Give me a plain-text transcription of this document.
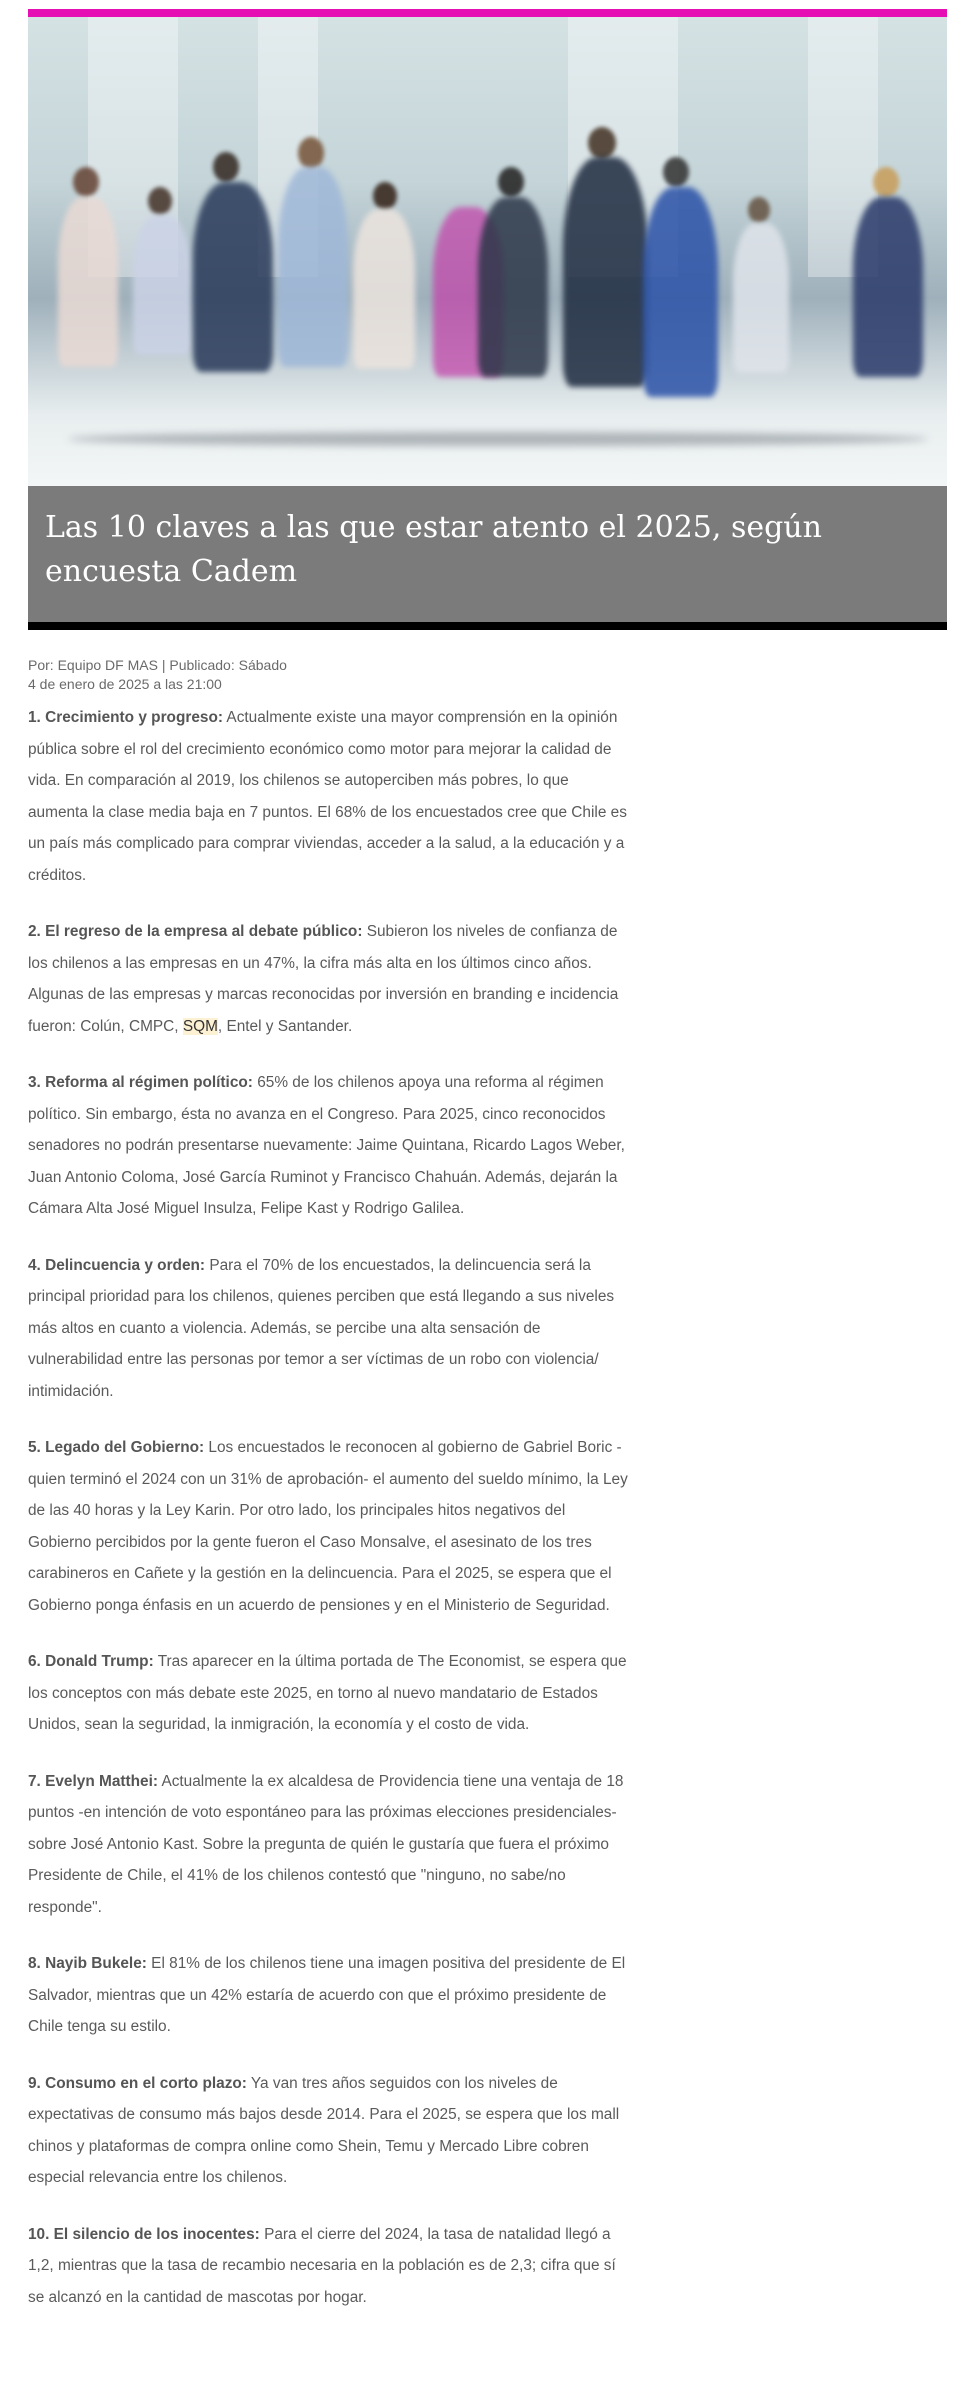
Las 10 claves a las que estar atento el 2025, según encuesta Cadem
Por: Equipo DF MAS | Publicado: Sábado
4 de enero de 2025 a las 21:00

1. Crecimiento y progreso: Actualmente existe una mayor comprensión en la opinión pública sobre el rol del crecimiento económico como motor para mejorar la calidad de vida. En comparación al 2019, los chilenos se autoperciben más pobres, lo que aumenta la clase media baja en 7 puntos. El 68% de los encuestados cree que Chile es un país más complicado para comprar viviendas, acceder a la salud, a la educación y a créditos.

2. El regreso de la empresa al debate público: Subieron los niveles de confianza de los chilenos a las empresas en un 47%, la cifra más alta en los últimos cinco años. Algunas de las empresas y marcas reconocidas por inversión en branding e incidencia fueron: Colún, CMPC, SQM, Entel y Santander.

3. Reforma al régimen político: 65% de los chilenos apoya una reforma al régimen político. Sin embargo, ésta no avanza en el Congreso. Para 2025, cinco reconocidos senadores no podrán presentarse nuevamente: Jaime Quintana, Ricardo Lagos Weber, Juan Antonio Coloma, José García Ruminot y Francisco Chahuán. Además, dejarán la Cámara Alta José Miguel Insulza, Felipe Kast y Rodrigo Galilea.

4. Delincuencia y orden: Para el 70% de los encuestados, la delincuencia será la principal prioridad para los chilenos, quienes perciben que está llegando a sus niveles más altos en cuanto a violencia. Además, se percibe una alta sensación de vulnerabilidad entre las personas por temor a ser víctimas de un robo con violencia/ intimidación.

5. Legado del Gobierno: Los encuestados le reconocen al gobierno de Gabriel Boric -quien terminó el 2024 con un 31% de aprobación- el aumento del sueldo mínimo, la Ley de las 40 horas y la Ley Karin. Por otro lado, los principales hitos negativos del Gobierno percibidos por la gente fueron el Caso Monsalve, el asesinato de los tres carabineros en Cañete y la gestión en la delincuencia. Para el 2025, se espera que el Gobierno ponga énfasis en un acuerdo de pensiones y en el Ministerio de Seguridad.

6. Donald Trump: Tras aparecer en la última portada de The Economist, se espera que los conceptos con más debate este 2025, en torno al nuevo mandatario de Estados Unidos, sean la seguridad, la inmigración, la economía y el costo de vida.

7. Evelyn Matthei: Actualmente la ex alcaldesa de Providencia tiene una ventaja de 18 puntos -en intención de voto espontáneo para las próximas elecciones presidenciales- sobre José Antonio Kast. Sobre la pregunta de quién le gustaría que fuera el próximo Presidente de Chile, el 41% de los chilenos contestó que "ninguno, no sabe/no responde".

8. Nayib Bukele: El 81% de los chilenos tiene una imagen positiva del presidente de El Salvador, mientras que un 42% estaría de acuerdo con que el próximo presidente de Chile tenga su estilo.

9. Consumo en el corto plazo: Ya van tres años seguidos con los niveles de expectativas de consumo más bajos desde 2014. Para el 2025, se espera que los mall chinos y plataformas de compra online como Shein, Temu y Mercado Libre cobren especial relevancia entre los chilenos.

10. El silencio de los inocentes: Para el cierre del 2024, la tasa de natalidad llegó a 1,2, mientras que la tasa de recambio necesaria en la población es de 2,3; cifra que sí se alcanzó en la cantidad de mascotas por hogar.
